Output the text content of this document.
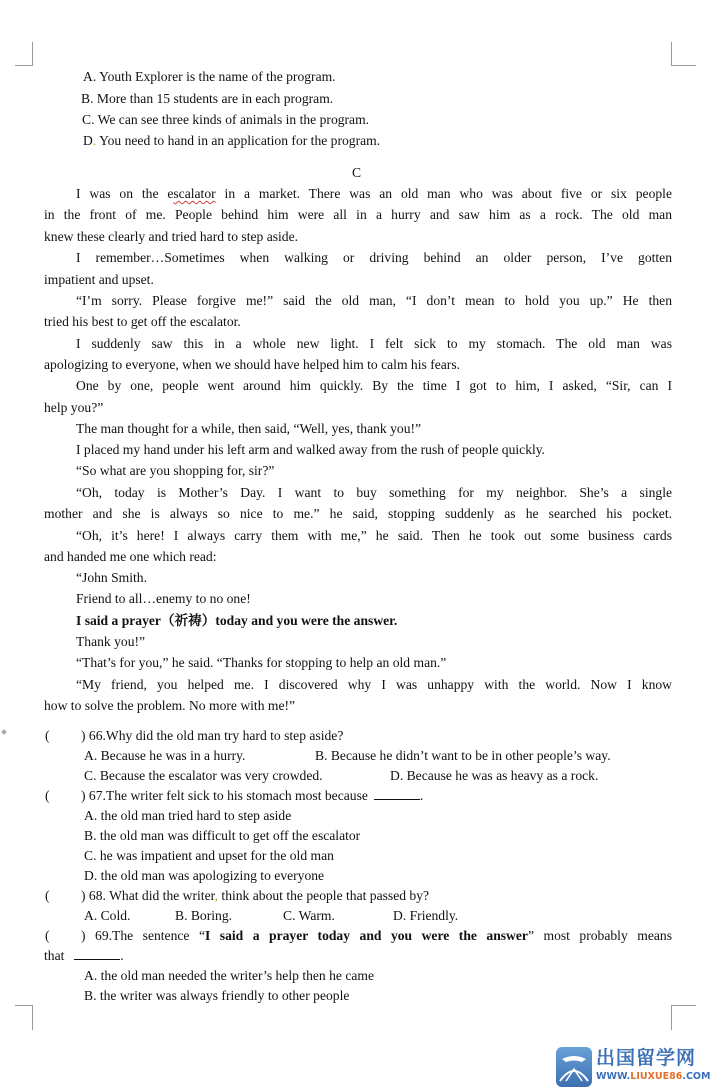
A. Youth Explorer is the name of the program.
B. More than 15 students are in each program.
C. We can see three kinds of animals in the program.
D. You need to hand in an application for the program.
C
I was on the escalator in a market. There was an old man who was about five or six people
in the front of me. People behind him were all in a hurry and saw him as a rock. The old man
knew these clearly and tried hard to step aside.
I remember…Sometimes when walking or driving behind an older person, I’ve gotten
impatient and upset.
“I’m sorry. Please forgive me!” said the old man, “I don’t mean to hold you up.” He then
tried his best to get off the escalator.
I suddenly saw this in a whole new light. I felt sick to my stomach. The old man was
apologizing to everyone, when we should have helped him to calm his fears.
One by one, people went around him quickly. By the time I got to him, I asked, “Sir, can I
help you?”
The man thought for a while, then said, “Well, yes, thank you!”
I placed my hand under his left arm and walked away from the rush of people quickly.
“So what are you shopping for, sir?”
“Oh, today is Mother’s Day. I want to buy something for my neighbor. She’s a single
mother and she is always so nice to me.” he said, stopping suddenly as he searched his pocket.
“Oh, it’s here! I always carry them with me,” he said. Then he took out some business cards
and handed me one which read:
“John Smith.
Friend to all…enemy to no one!
I said a prayer（祈祷）today and you were the answer.
Thank you!”
“That’s for you,” he said. “Thanks for stopping to help an old man.”
“My friend, you helped me. I discovered why I was unhappy with the world. Now I know
how to solve the problem. No more with me!”
( ) 66.Why did the old man try hard to step aside?
A. Because he was in a hurry.	B. Because he didn’t want to be in other people’s way.
C. Because the escalator was very crowded.	D. Because he was as heavy as a rock.
( ) 67.The writer felt sick to his stomach most because	.
A. the old man tried hard to step aside
B. the old man was difficult to get off the escalator
C. he was impatient and upset for the old man
D. the old man was apologizing to everyone
( ) 68. What did the writer, think about the people that passed by?
A. Cold.	B. Boring.	C. Warm.	D. Friendly.
( ) 69.The sentence “I said a prayer today and you were the answer” most probably means
that	.
A. the old man needed the writer’s help then he came
B. the writer was always friendly to other people
出国留学网
WWW.LIUXUE86.COM
